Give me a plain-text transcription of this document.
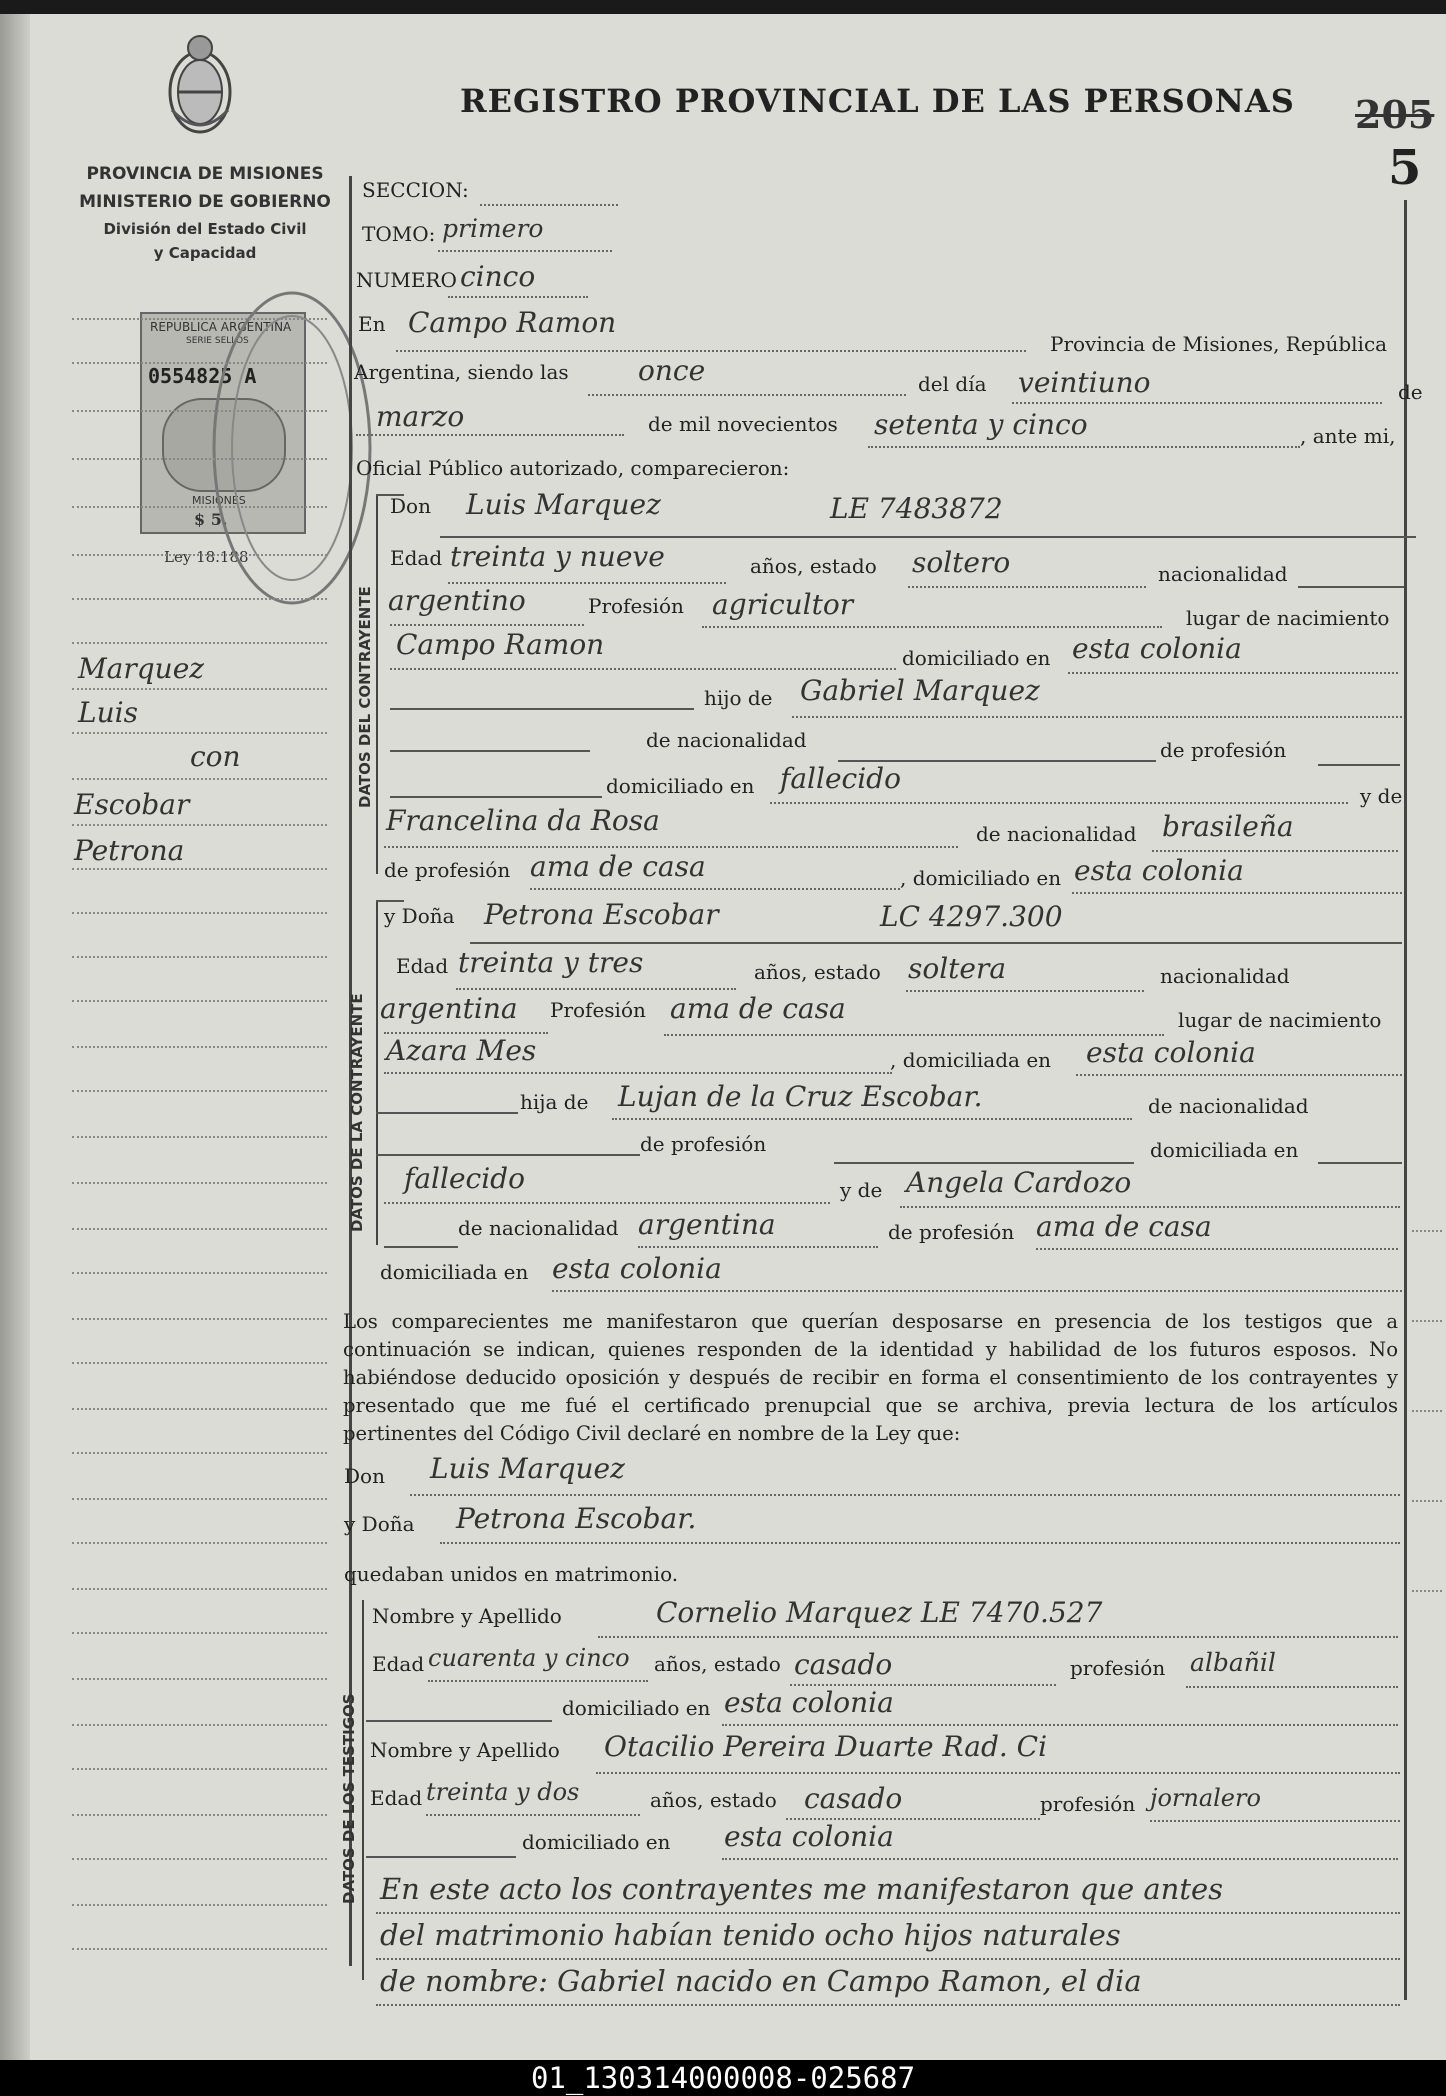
REGISTRO PROVINCIAL DE LAS PERSONAS 205
5
PROVINCIA DE MISIONES
MINISTERIO DE GOBIERNO
División del Estado Civil
y Capacidad
REPUBLICA ARGENTINA
SERIE SELLOS
0554825 A
MISIONES
$ 5.
Ley 18.188
Marquez
Luis
con
Escobar
Petrona
DATOS DEL CONTRAYENTE
DATOS DE LA CONTRAYENTE
DATOS DE LOS TESTIGOS
SECCION:
TOMO: primero
NUMERO cinco
En Campo Ramon
Provincia de Misiones, República
Argentina, siendo las once	del día veintiuno	de
marzo	de mil novecientos setenta y cinco	, ante mi,
Oficial Público autorizado, comparecieron:
Don Luis Marquez	LE 7483872
Edad treinta y nueve	años, estado soltero	nacionalidad
argentino	Profesión agricultor	lugar de nacimiento
Campo Ramon	domiciliado en esta colonia
hijo de Gabriel Marquez
de nacionalidad	de profesión
domiciliado en fallecido
y de
Francelina da Rosa	de nacionalidad brasileña
de profesión ama de casa	, domiciliado en esta colonia
y Doña Petrona Escobar	LC 4297.300
Edad treinta y tres	años, estado soltera	nacionalidad
argentina Profesión ama de casa	lugar de nacimiento
Azara Mes	, domiciliada en esta colonia
hija de Lujan de la Cruz Escobar.	de nacionalidad
de profesión	domiciliada en
fallecido	y de Angela Cardozo
de nacionalidad argentina	de profesión ama de casa
domiciliada en esta colonia
Los comparecientes me manifestaron que querían desposarse en presencia de los testigos que a continuación se indican, quienes responden de la identidad y habilidad de los futuros esposos. No habiéndose deducido oposición y después de recibir en forma el consentimiento de los contrayentes y presentado que me fué el certificado prenupcial que se archiva, previa lectura de los artículos pertinentes del Código Civil declaré en nombre de la Ley que:
Don Luis Marquez
y Doña Petrona Escobar.
quedaban unidos en matrimonio.
Nombre y Apellido	Cornelio Marquez LE 7470.527
Edad cuarenta y cinco años, estado casado	profesión albañil
domiciliado en esta colonia
Nombre y Apellido Otacilio Pereira Duarte Rad. Ci
Edad treinta y dos	años, estado casado	profesión jornalero
domiciliado en esta colonia
En este acto los contrayentes me manifestaron que antes
del matrimonio habían tenido ocho hijos naturales
de nombre: Gabriel nacido en Campo Ramon, el dia
01_130314000008-025687
